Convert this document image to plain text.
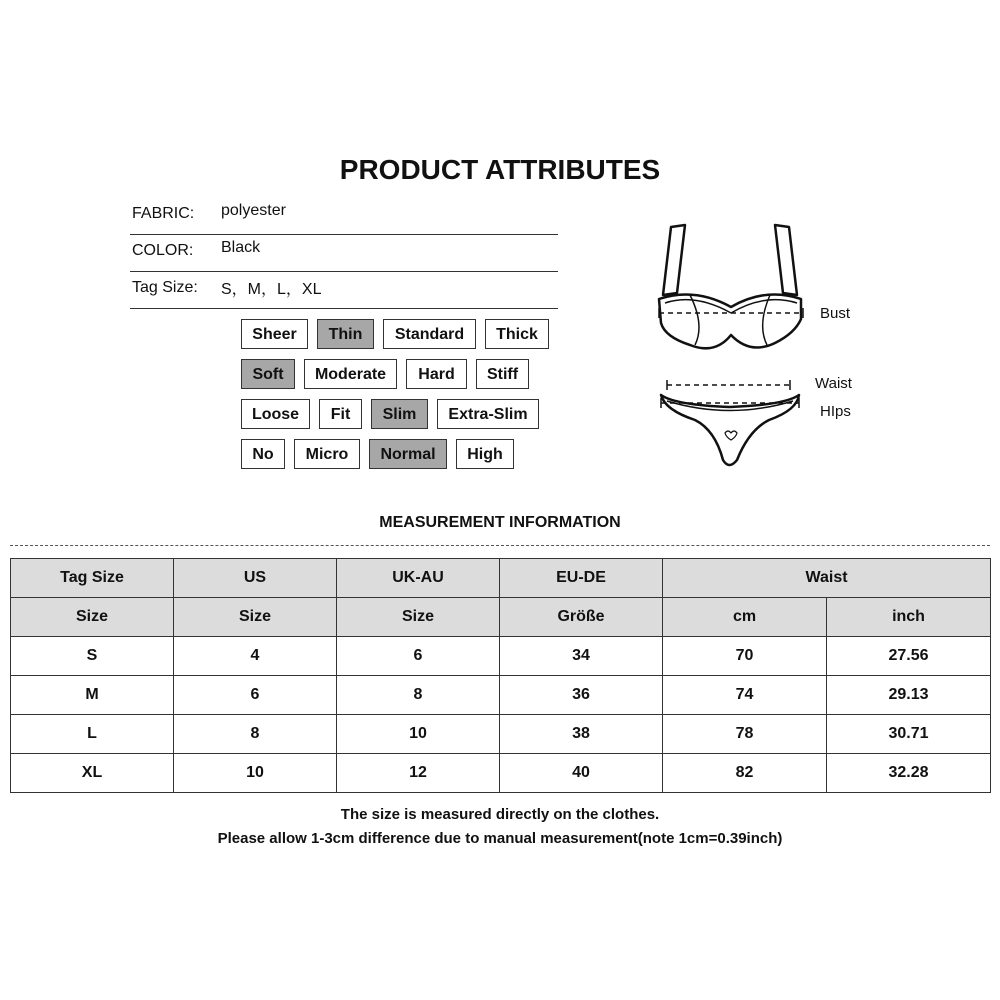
PRODUCT ATTRIBUTES
FABRIC: polyester
COLOR: Black
Tag Size: S，M，L，XL
Sheer	Thin	Standard	Thick
Soft	Moderate	Hard	Stiff
Loose	Fit	Slim	Extra-Slim
No	Micro	Normal	High
Bust
Waist
HIps
MEASUREMENT INFORMATION
Tag Size	US	UK-AU	EU-DE	Waist	
Size	Size	Size	Größe	cm	inch
S	4	6	34	70	27.56
M	6	8	36	74	29.13
L	8	10	38	78	30.71
XL	10	12	40	82	32.28
The size is measured directly on the clothes.
Please allow 1-3cm difference due to manual measurement(note 1cm=0.39inch)
